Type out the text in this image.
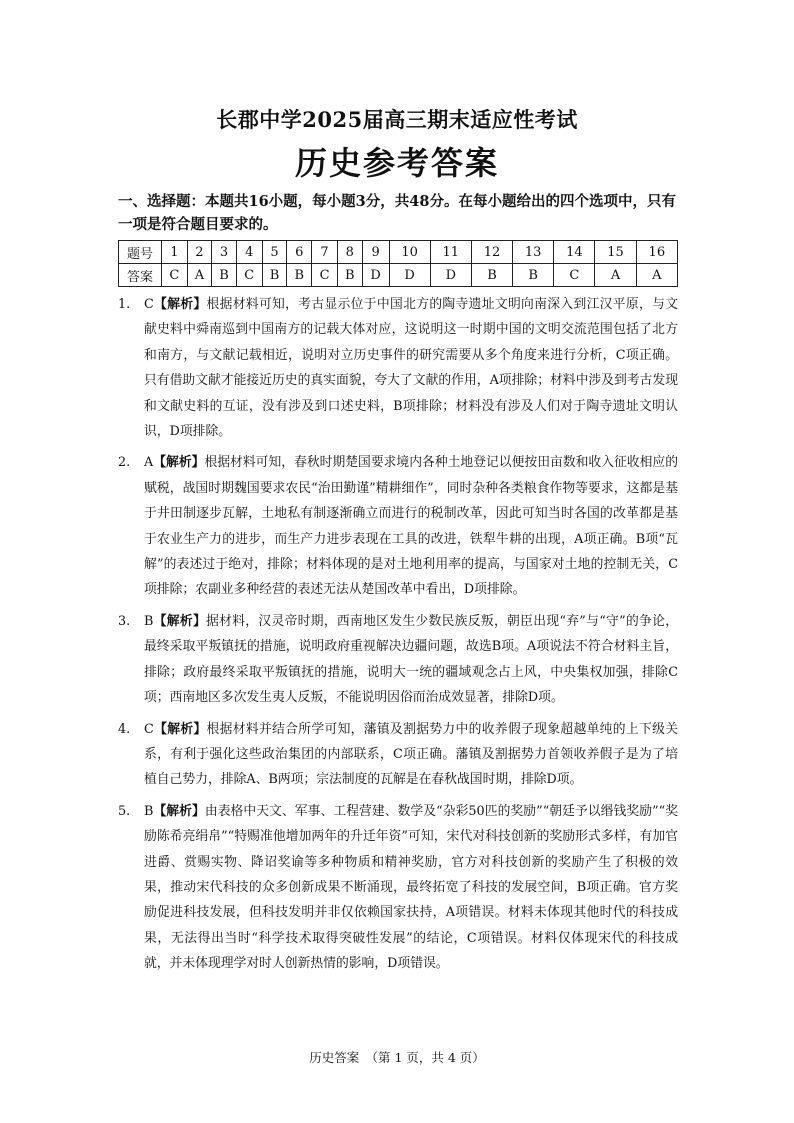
长郡中学2025届高三期末适应性考试
历史参考答案
一、选择题：本题共16小题，每小题3分，共48分。在每小题给出的四个选项中，只有一项是符合题目要求的。
题号	1	2	3	4	5	6	7	8	9	10	11	12	13	14	15	16
答案	C	A	B	C	B	B	C	B	D	D	D	B	B	C	A	A
1. C【解析】根据材料可知，考古显示位于中国北方的陶寺遗址文明向南深入到江汉平原，与文献史料中舜南巡到中国南方的记载大体对应，这说明这一时期中国的文明交流范围包括了北方和南方，与文献记载相近，说明对立历史事件的研究需要从多个角度来进行分析，C项正确。只有借助文献才能接近历史的真实面貌，夸大了文献的作用，A项排除；材料中涉及到考古发现和文献史料的互证，没有涉及到口述史料，B项排除；材料没有涉及人们对于陶寺遗址文明认识，D项排除。
2. A【解析】根据材料可知，春秋时期楚国要求境内各种土地登记以便按田亩数和收入征收相应的赋税，战国时期魏国要求农民“治田勤谨”精耕细作”，同时杂种各类粮食作物等要求，这都是基于井田制逐步瓦解，土地私有制逐渐确立而进行的税制改革，因此可知当时各国的改革都是基于农业生产力的进步，而生产力进步表现在工具的改进，铁犁牛耕的出现，A项正确。B项“瓦解”的表述过于绝对，排除；材料体现的是对土地利用率的提高，与国家对土地的控制无关，C项排除；农副业多种经营的表述无法从楚国改革中看出，D项排除。
3. B【解析】据材料，汉灵帝时期，西南地区发生少数民族反叛，朝臣出现“弃”与“守”的争论，最终采取平叛镇抚的措施，说明政府重视解决边疆问题，故选B项。A项说法不符合材料主旨，排除；政府最终采取平叛镇抚的措施，说明大一统的疆域观念占上风，中央集权加强，排除C项；西南地区多次发生夷人反叛，不能说明因俗而治成效显著，排除D项。
4. C【解析】根据材料并结合所学可知，藩镇及割据势力中的收养假子现象超越单纯的上下级关系，有利于强化这些政治集团的内部联系，C项正确。藩镇及割据势力首领收养假子是为了培植自己势力，排除A、B两项；宗法制度的瓦解是在春秋战国时期，排除D项。
5. B【解析】由表格中天文、军事、工程营建、数学及“杂彩50匹的奖励”“朝廷予以缗钱奖励”“奖励陈希亮绢帛”“特赐准他增加两年的升迁年资”可知，宋代对科技创新的奖励形式多样，有加官进爵、赏赐实物、降诏奖谕等多种物质和精神奖励，官方对科技创新的奖励产生了积极的效果，推动宋代科技的众多创新成果不断涌现，最终拓宽了科技的发展空间，B项正确。官方奖励促进科技发展，但科技发明并非仅依赖国家扶持，A项错误。材料未体现其他时代的科技成果，无法得出当时“科学技术取得突破性发展”的结论，C项错误。材料仅体现宋代的科技成就，并未体现理学对时人创新热情的影响，D项错误。
历史答案　（第 1 页，共 4 页）
